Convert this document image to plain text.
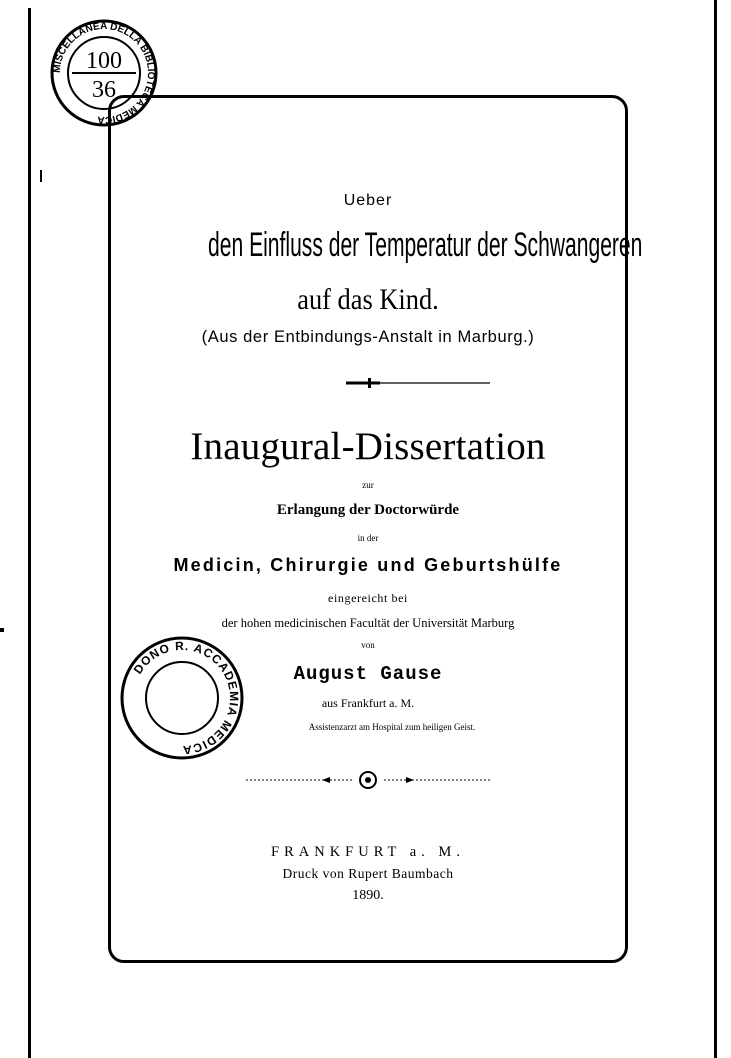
MISCELLANEA DELLA BIBLIOTECA MEDICA
100
36
DONO R. ACCADEMIA MEDICA
Ueber
den Einfluss der Temperatur der Schwangeren
auf das Kind.
(Aus der Entbindungs-Anstalt in Marburg.)
Inaugural-Dissertation
zur
Erlangung der Doctorwürde
in der
Medicin, Chirurgie und Geburtshülfe
eingereicht bei
der hohen medicinischen Facultät der Universität Marburg
von
August Gause
aus Frankfurt a. M.
Assistenzarzt am Hospital zum heiligen Geist.
FRANKFURT a. M.
Druck von Rupert Baumbach
1890.
